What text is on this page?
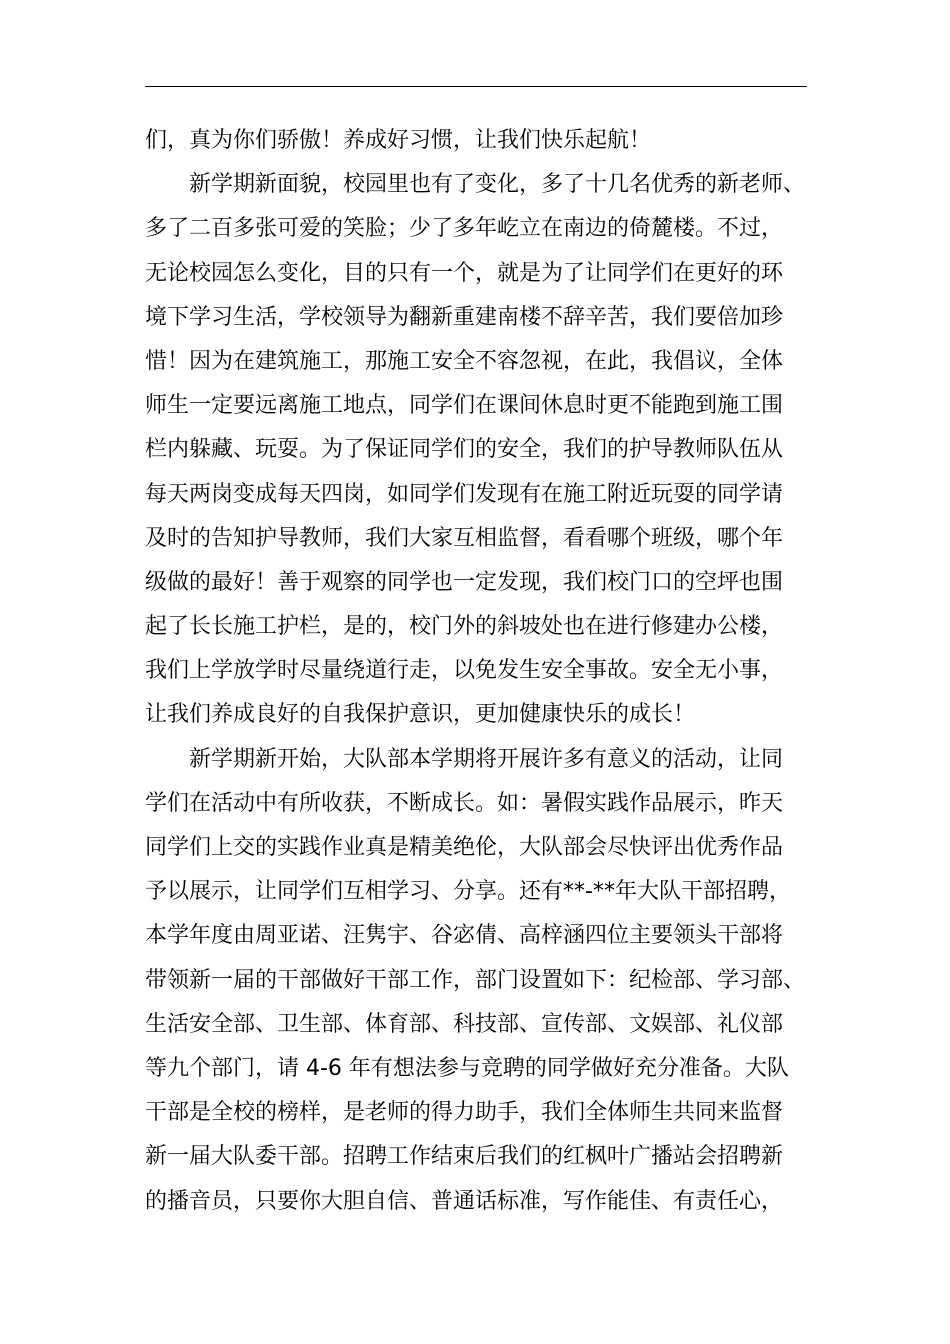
们，真为你们骄傲！养成好习惯，让我们快乐起航！
新学期新面貌，校园里也有了变化，多了十几名优秀的新老师、
多了二百多张可爱的笑脸；少了多年屹立在南边的倚麓楼。不过，
无论校园怎么变化，目的只有一个，就是为了让同学们在更好的环
境下学习生活，学校领导为翻新重建南楼不辞辛苦，我们要倍加珍
惜！因为在建筑施工，那施工安全不容忽视，在此，我倡议，全体
师生一定要远离施工地点，同学们在课间休息时更不能跑到施工围
栏内躲藏、玩耍。为了保证同学们的安全，我们的护导教师队伍从
每天两岗变成每天四岗，如同学们发现有在施工附近玩耍的同学请
及时的告知护导教师，我们大家互相监督，看看哪个班级，哪个年
级做的最好！善于观察的同学也一定发现，我们校门口的空坪也围
起了长长施工护栏，是的，校门外的斜坡处也在进行修建办公楼，
我们上学放学时尽量绕道行走，以免发生安全事故。安全无小事，
让我们养成良好的自我保护意识，更加健康快乐的成长！
新学期新开始，大队部本学期将开展许多有意义的活动，让同
学们在活动中有所收获，不断成长。如：暑假实践作品展示，昨天
同学们上交的实践作业真是精美绝伦，大队部会尽快评出优秀作品
予以展示，让同学们互相学习、分享。还有**-**年大队干部招聘，
本学年度由周亚诺、汪隽宇、谷宓倩、高梓涵四位主要领头干部将
带领新一届的干部做好干部工作，部门设置如下：纪检部、学习部、
生活安全部、卫生部、体育部、科技部、宣传部、文娱部、礼仪部
等九个部门，请 4-6 年有想法参与竞聘的同学做好充分准备。大队
干部是全校的榜样，是老师的得力助手，我们全体师生共同来监督
新一届大队委干部。招聘工作结束后我们的红枫叶广播站会招聘新
的播音员，只要你大胆自信、普通话标准，写作能佳、有责任心，
